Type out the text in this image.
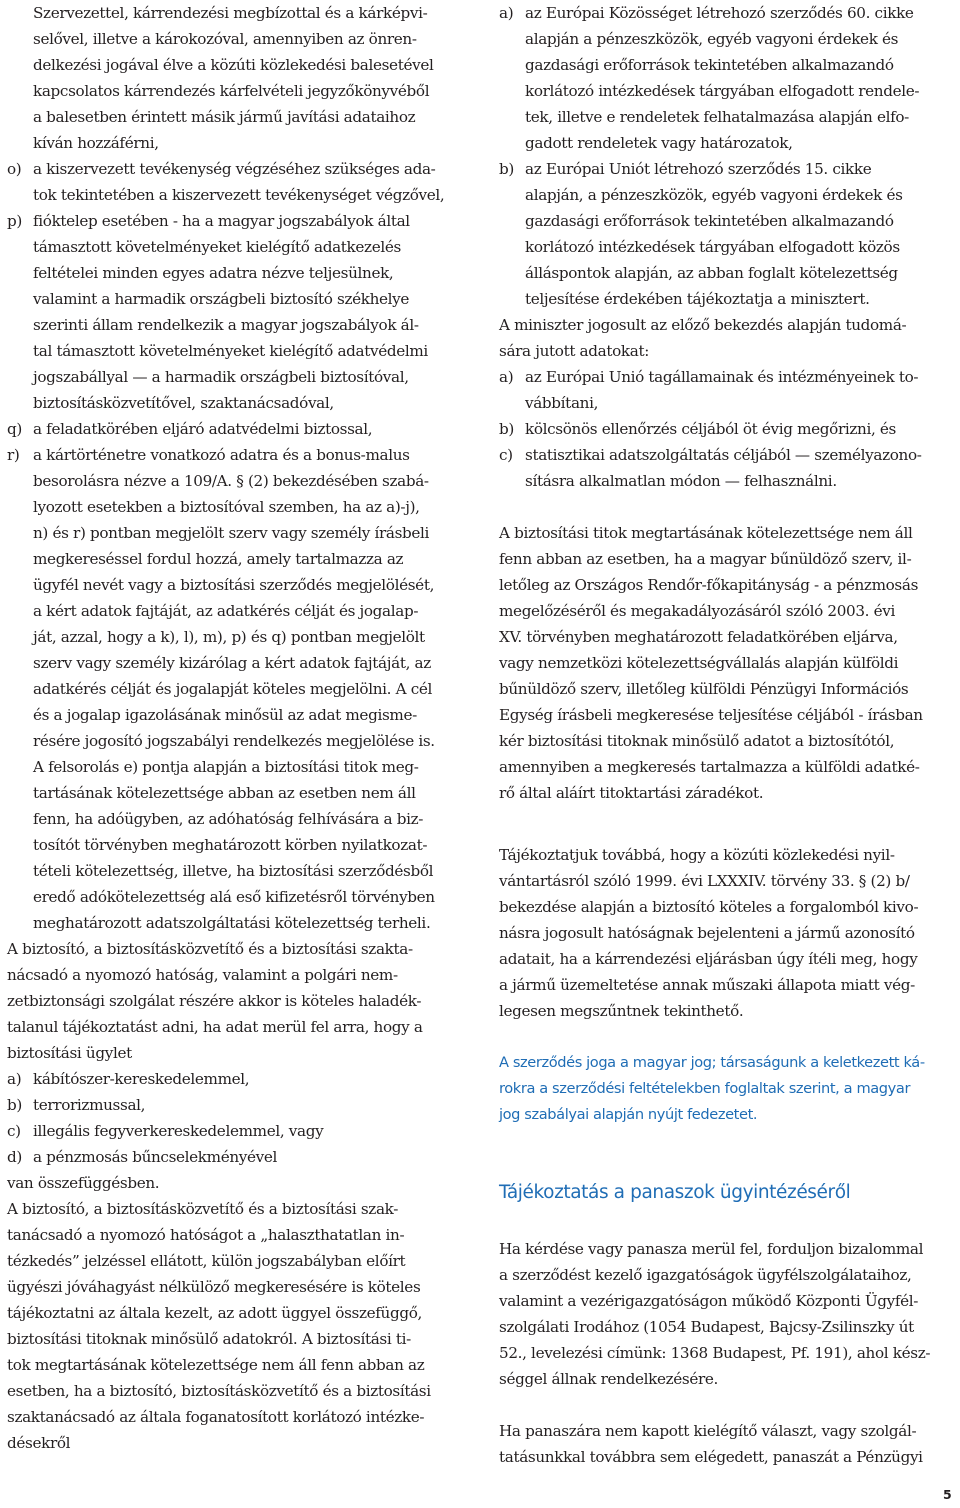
Szervezettel, kárrendezési megbízottal és a kárképvi-
selővel, illetve a károkozóval, amennyiben az önren-
delkezési jogával élve a közúti közlekedési balesetével
kapcsolatos kárrendezés kárfelvételi jegyzőkönyvéből
a balesetben érintett másik jármű javítási adataihoz
kíván hozzáférni,
o) a kiszervezett tevékenység végzéséhez szükséges ada-
tok tekintetében a kiszervezett tevékenységet végzővel,
p) fióktelep esetében - ha a magyar jogszabályok által
támasztott követelményeket kielégítő adatkezelés
feltételei minden egyes adatra nézve teljesülnek,
valamint a harmadik országbeli biztosító székhelye
szerinti állam rendelkezik a magyar jogszabályok ál-
tal támasztott követelményeket kielégítő adatvédelmi
jogszabállyal — a harmadik országbeli biztosítóval,
biztosításközvetítővel, szaktanácsadóval,
q) a feladatkörében eljáró adatvédelmi biztossal,
r) a kártörténetre vonatkozó adatra és a bonus-malus
besorolásra nézve a 109/A. § (2) bekezdésében szabá-
lyozott esetekben a biztosítóval szemben, ha az a)-j),
n) és r) pontban megjelölt szerv vagy személy írásbeli
megkereséssel fordul hozzá, amely tartalmazza az
ügyfél nevét vagy a biztosítási szerződés megjelölését,
a kért adatok fajtáját, az adatkérés célját és jogalap-
ját, azzal, hogy a k), l), m), p) és q) pontban megjelölt
szerv vagy személy kizárólag a kért adatok fajtáját, az
adatkérés célját és jogalapját köteles megjelölni. A cél
és a jogalap igazolásának minősül az adat megisme-
résére jogosító jogszabályi rendelkezés megjelölése is.
A felsorolás e) pontja alapján a biztosítási titok meg-
tartásának kötelezettsége abban az esetben nem áll
fenn, ha adóügyben, az adóhatóság felhívására a biz-
tosítót törvényben meghatározott körben nyilatkozat-
tételi kötelezettség, illetve, ha biztosítási szerződésből
eredő adókötelezettség alá eső kifizetésről törvényben
meghatározott adatszolgáltatási kötelezettség terheli.
A biztosító, a biztosításközvetítő és a biztosítási szakta-
nácsadó a nyomozó hatóság, valamint a polgári nem-
zetbiztonsági szolgálat részére akkor is köteles haladék-
talanul tájékoztatást adni, ha adat merül fel arra, hogy a
biztosítási ügylet
a) kábítószer-kereskedelemmel,
b) terrorizmussal,
c) illegális fegyverkereskedelemmel, vagy
d) a pénzmosás bűncselekményével
van összefüggésben.
A biztosító, a biztosításközvetítő és a biztosítási szak-
tanácsadó a nyomozó hatóságot a „halaszthatatlan in-
tézkedés” jelzéssel ellátott, külön jogszabályban előírt
ügyészi jóváhagyást nélkülöző megkeresésére is köteles
tájékoztatni az általa kezelt, az adott üggyel összefüggő,
biztosítási titoknak minősülő adatokról. A biztosítási ti-
tok megtartásának kötelezettsége nem áll fenn abban az
esetben, ha a biztosító, biztosításközvetítő és a biztosítási
szaktanácsadó az általa foganatosított korlátozó intézke-
désekről
a) az Európai Közösséget létrehozó szerződés 60. cikke
alapján a pénzeszközök, egyéb vagyoni érdekek és
gazdasági erőforrások tekintetében alkalmazandó
korlátozó intézkedések tárgyában elfogadott rendele-
tek, illetve e rendeletek felhatalmazása alapján elfo-
gadott rendeletek vagy határozatok,
b) az Európai Uniót létrehozó szerződés 15. cikke
alapján, a pénzeszközök, egyéb vagyoni érdekek és
gazdasági erőforrások tekintetében alkalmazandó
korlátozó intézkedések tárgyában elfogadott közös
álláspontok alapján, az abban foglalt kötelezettség
teljesítése érdekében tájékoztatja a minisztert.
A miniszter jogosult az előző bekezdés alapján tudomá-
sára jutott adatokat:
a) az Európai Unió tagállamainak és intézményeinek to-
vábbítani,
b) kölcsönös ellenőrzés céljából öt évig megőrizni, és
c) statisztikai adatszolgáltatás céljából — személyazono-
sításra alkalmatlan módon — felhasználni.
A biztosítási titok megtartásának kötelezettsége nem áll
fenn abban az esetben, ha a magyar bűnüldöző szerv, il-
letőleg az Országos Rendőr-főkapitányság - a pénzmosás
megelőzéséről és megakadályozásáról szóló 2003. évi
XV. törvényben meghatározott feladatkörében eljárva,
vagy nemzetközi kötelezettségvállalás alapján külföldi
bűnüldöző szerv, illetőleg külföldi Pénzügyi Információs
Egység írásbeli megkeresése teljesítése céljából - írásban
kér biztosítási titoknak minősülő adatot a biztosítótól,
amennyiben a megkeresés tartalmazza a külföldi adatké-
rő által aláírt titoktartási záradékot.
Tájékoztatjuk továbbá, hogy a közúti közlekedési nyil-
vántartásról szóló 1999. évi LXXXIV. törvény 33. § (2) b/
bekezdése alapján a biztosító köteles a forgalomból kivo-
násra jogosult hatóságnak bejelenteni a jármű azonosító
adatait, ha a kárrendezési eljárásban úgy ítéli meg, hogy
a jármű üzemeltetése annak műszaki állapota miatt vég-
legesen megszűntnek tekinthető.
A szerződés joga a magyar jog; társaságunk a keletkezett ká-
rokra a szerződési feltételekben foglaltak szerint, a magyar
jog szabályai alapján nyújt fedezetet.
Tájékoztatás a panaszok ügyintézéséről
Ha kérdése vagy panasza merül fel, forduljon bizalommal
a szerződést kezelő igazgatóságok ügyfélszolgálataihoz,
valamint a vezérigazgatóságon működő Központi Ügyfél-
szolgálati Irodához (1054 Budapest, Bajcsy-Zsilinszky út
52., levelezési címünk: 1368 Budapest, Pf. 191), ahol kész-
séggel állnak rendelkezésére.
Ha panaszára nem kapott kielégítő választ, vagy szolgál-
tatásunkkal továbbra sem elégedett, panaszát a Pénzügyi
5
